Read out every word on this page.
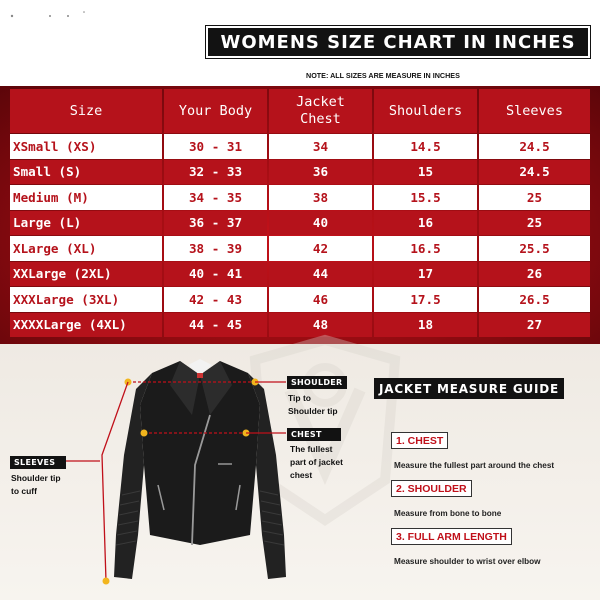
WOMENS SIZE CHART IN INCHES
NOTE: ALL SIZES ARE MEASURE IN INCHES
Size	Your Body	Jacket Chest	Shoulders	Sleeves
XSmall (XS)	30 - 31	34	14.5	24.5
Small (S)	32 - 33	36	15	24.5
Medium (M)	34 - 35	38	15.5	25
Large (L)	36 - 37	40	16	25
XLarge (XL)	38 - 39	42	16.5	25.5
XXLarge (2XL)	40 - 41	44	17	26
XXXLarge (3XL)	42 - 43	46	17.5	26.5
XXXXLarge (4XL)	44 - 45	48	18	27
SHOULDER
Tip to
Shoulder tip
CHEST
The fullest
part of jacket
chest
SLEEVES
Shoulder tip
to cuff
JACKET MEASURE GUIDE
1. CHEST
Measure the fullest part around the chest
2. SHOULDER
Measure from bone to bone
3. FULL ARM LENGTH
Measure shoulder to wrist over elbow
